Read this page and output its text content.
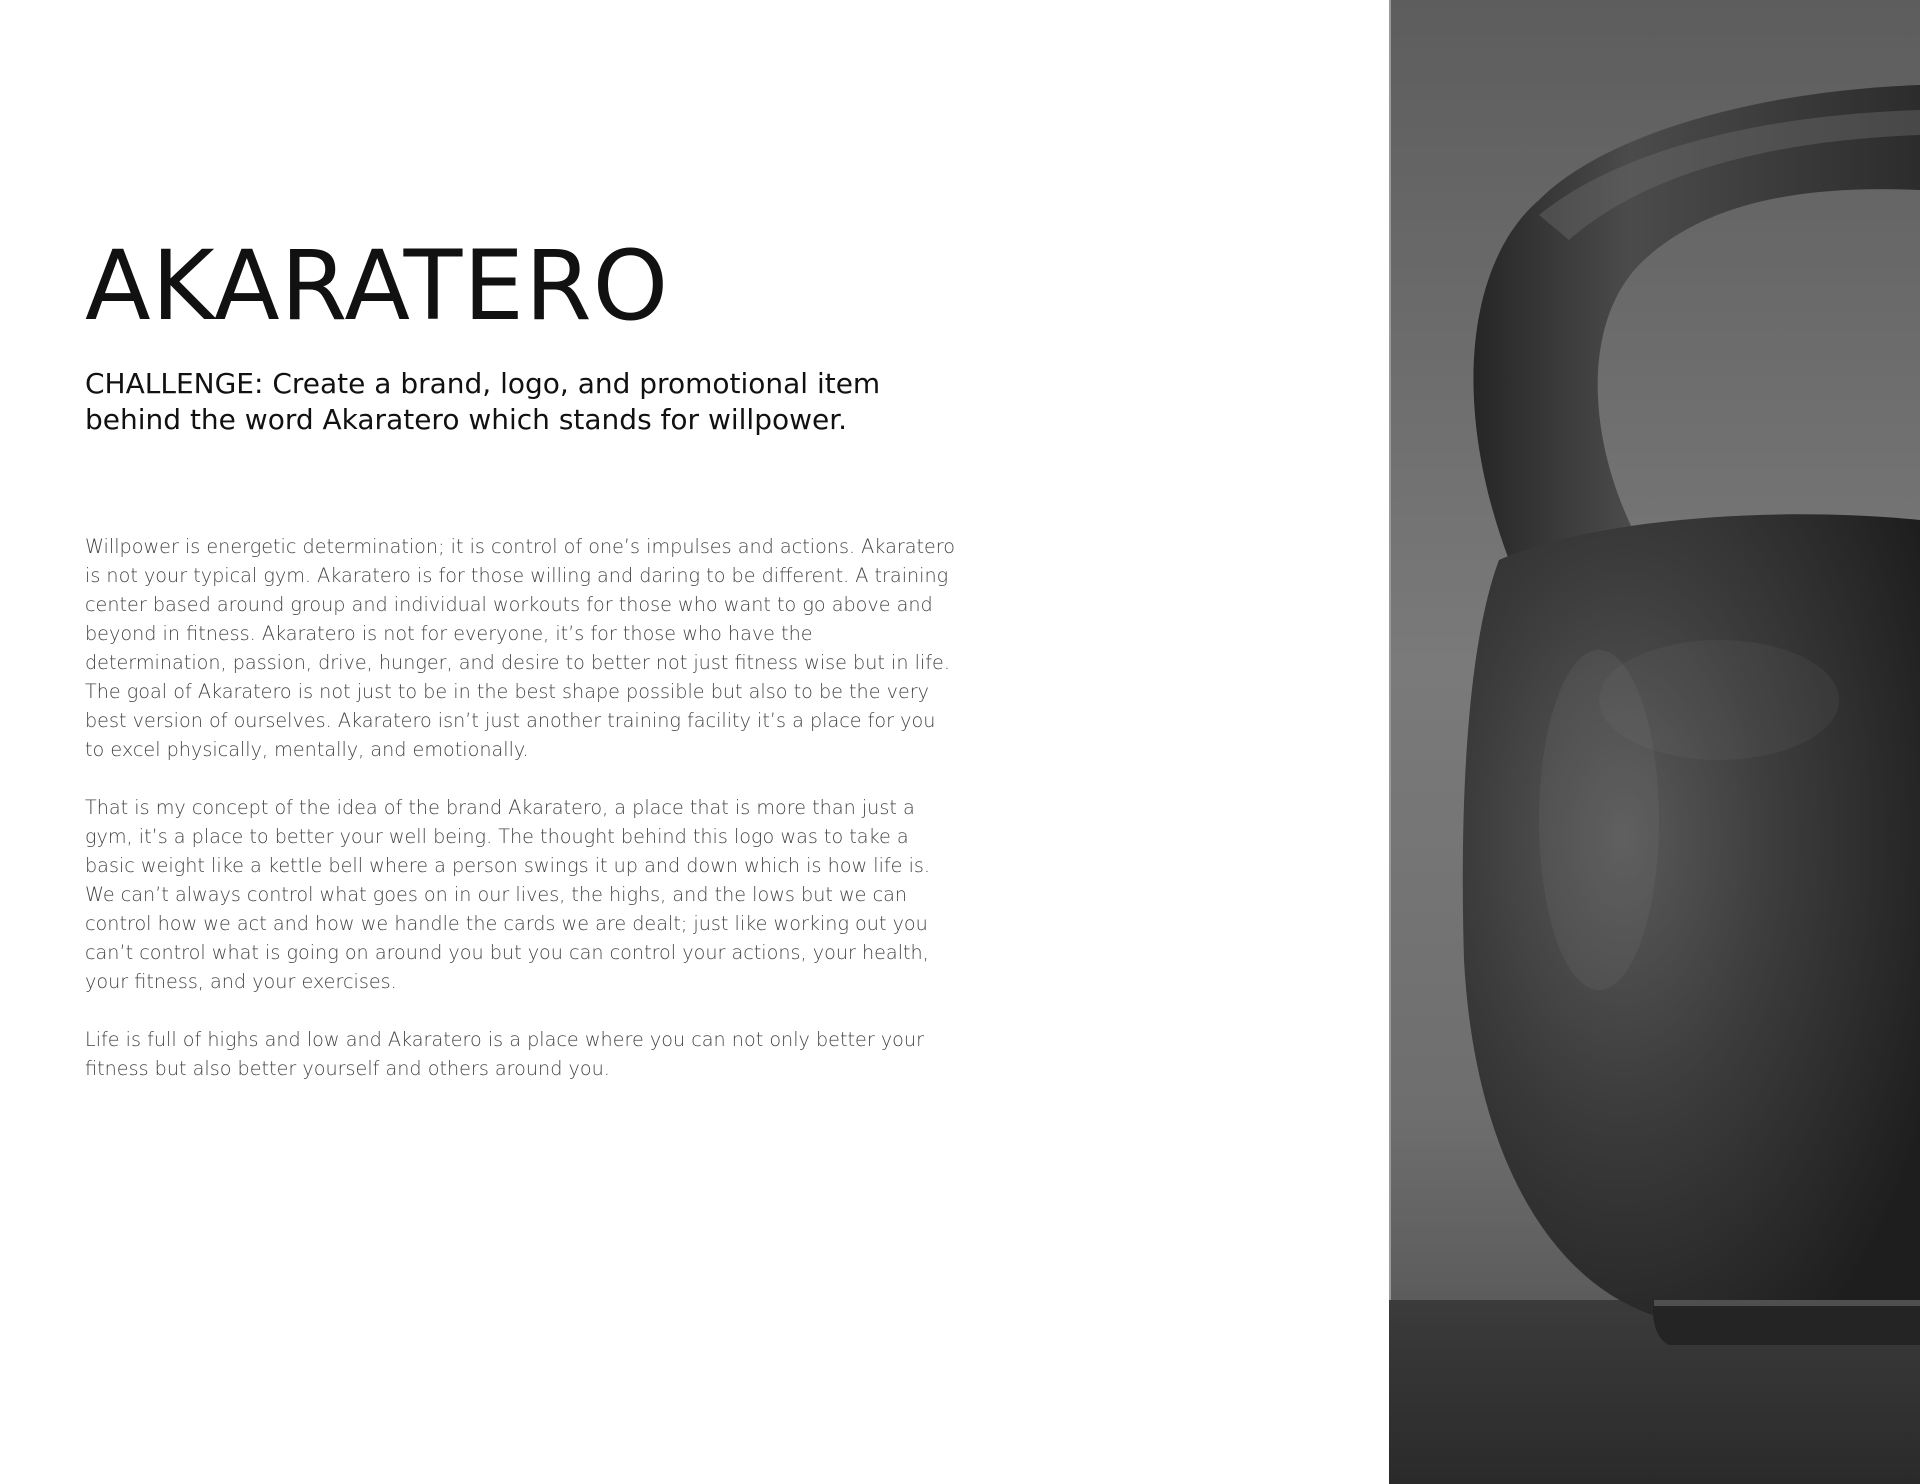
AKARATERO

CHALLENGE: Create a brand, logo, and promotional item behind the word Akaratero which stands for willpower.

Willpower is energetic determination; it is control of one’s impulses and actions. Akaratero is not your typical gym. Akaratero is for those willing and daring to be different. A training center based around group and individual workouts for those who want to go above and beyond in fitness. Akaratero is not for everyone, it’s for those who have the determination, passion, drive, hunger, and desire to better not just fitness wise but in life. The goal of Akaratero is not just to be in the best shape possible but also to be the very best version of ourselves. Akaratero isn’t just another training facility it’s a place for you to excel physically, mentally, and emotionally.

That is my concept of the idea of the brand Akaratero, a place that is more than just a gym, it’s a place to better your well being. The thought behind this logo was to take a basic weight like a kettle bell where a person swings it up and down which is how life is. We can’t always control what goes on in our lives, the highs, and the lows but we can control how we act and how we handle the cards we are dealt; just like working out you can’t control what is going on around you but you can control your actions, your health, your fitness, and your exercises.

Life is full of highs and low and Akaratero is a place where you can not only better your fitness but also better yourself and others around you.
